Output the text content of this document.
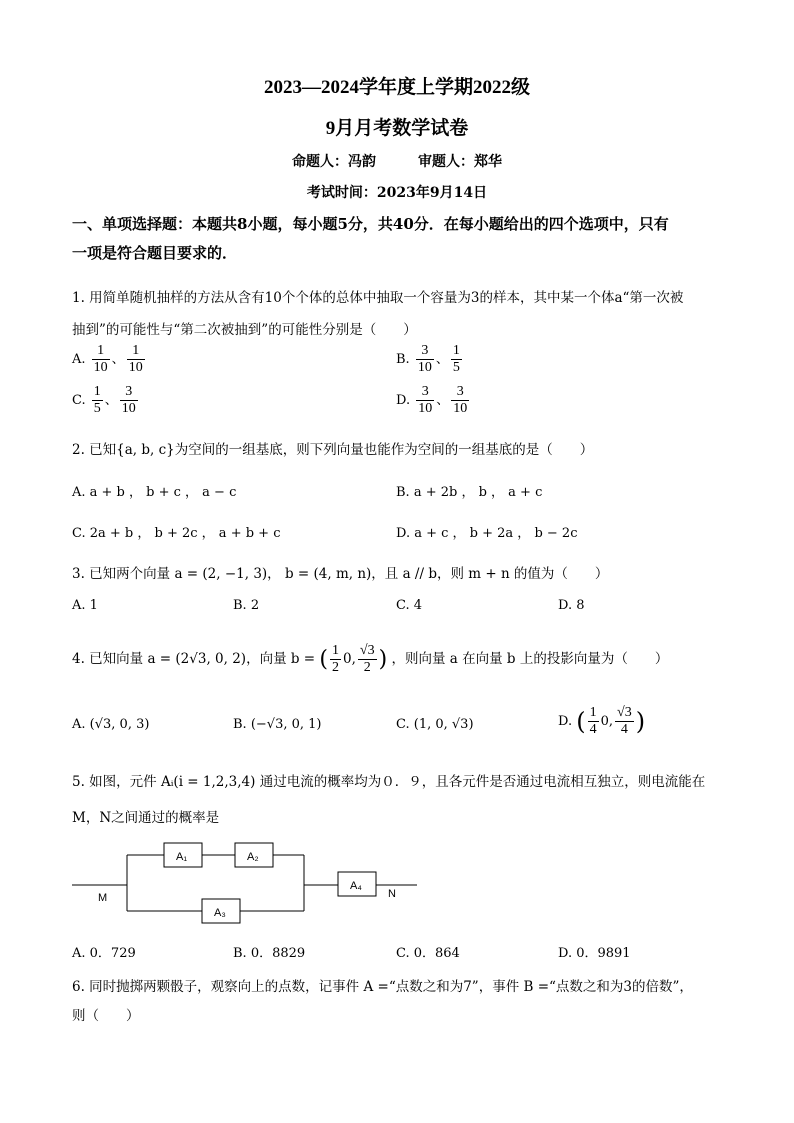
2023—2024学年度上学期2022级
9月月考数学试卷
命题人：冯韵　　　审题人：郑华
考试时间：2023年9月14日
一、单项选择题：本题共8小题，每小题5分，共40分．在每小题给出的四个选项中，只有
一项是符合题目要求的．
1. 用简单随机抽样的方法从含有10个个体的总体中抽取一个容量为3的样本，其中某一个体a“第一次被
抽到”的可能性与“第二次被抽到”的可能性分别是（　　）
A. $\frac{1}{10}$ 、 $\frac{1}{10}$	B. $\frac{3}{10}$ 、 $\frac{1}{5}$
C. $\frac{1}{5}$ 、 $\frac{3}{10}$	D. $\frac{3}{10}$ 、 $\frac{3}{10}$
2. 已知{a, b, c}为空间的一组基底，则下列向量也能作为空间的一组基底的是（　　）
A. a + b ， b + c ， a − c	B. a + 2b ， b ， a + c
C. 2a + b ， b + 2c ， a + b + c	D. a + c ， b + 2a ， b − 2c
3. 已知两个向量 a = (2, −1, 3)， b = (4, m, n)，且 a // b，则 m + n 的值为（　　）
A. 1	B. 2	C. 4	D. 8
4. 已知向量 a = (2√3, 0, 2)，向量 b = ( $\frac{1}{2} 0$, $\frac{√3}{2}$ ) ，则向量 a 在向量 b 上的投影向量为（　　）
A. (√3, 0, 3)	B. (−√3, 0, 1)	C. (1, 0, √3)	D. ( $\frac{1}{4} 0$, $\frac{√3}{4}$ )
5. 如图，元件 Aᵢ(i = 1,2,3,4) 通过电流的概率均为０．９，且各元件是否通过电流相互独立，则电流能在
M，N之间通过的概率是
M	N
A₁	A₂
A₃
A₄
A. 0．729	B. 0．8829	C. 0．864	D. 0．9891
6. 同时抛掷两颗骰子，观察向上的点数，记事件 A =“点数之和为7”，事件 B =“点数之和为3的倍数”，
则（　　）
